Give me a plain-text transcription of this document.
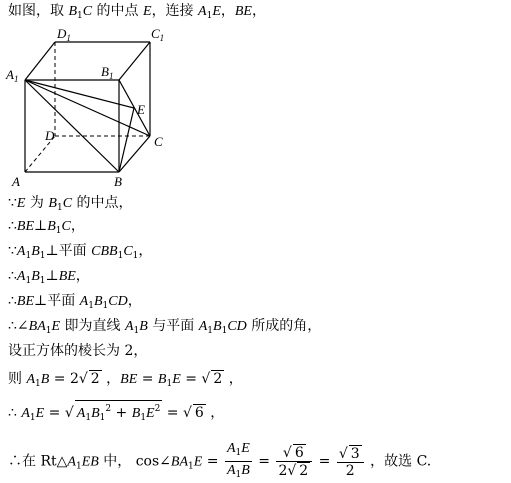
如图，取 $B_1C$ 的中点 E，连接 $A_1E$，BE，
$D_1$	$C_1$
$A_1$	$B_1$
E
D	C
A	B
∵E 为 $B_1C$ 的中点，
$\therefore BE\perp B_1C$，
$\because A_1B_1\perp$平面 $CBB_1C_1$，
$\therefore A_1B_1\perp BE$，
∴BE⊥平面 $A_1B_1CD$，
$\therefore\angle BA_1E$ 即为直线 $A_1B$ 与平面 $A_1B_1CD$ 所成的角，
设正方体的棱长为 2，
则 $A_1B = 2√$ 2 ，BE = $B_1E$ = √ 2 ，
∴ $A_1E$ = √ $A_1B_1^2 + B_1E^2$ = √ 6 ，
∴在 $Rt\triangle A_1EB$ 中， $\cos\angle BA_1E = \frac{A_1E}{A_1B} = \frac{√ 6}{2√ 2} = \frac{√ 3}{2}$ ，故选 C.
